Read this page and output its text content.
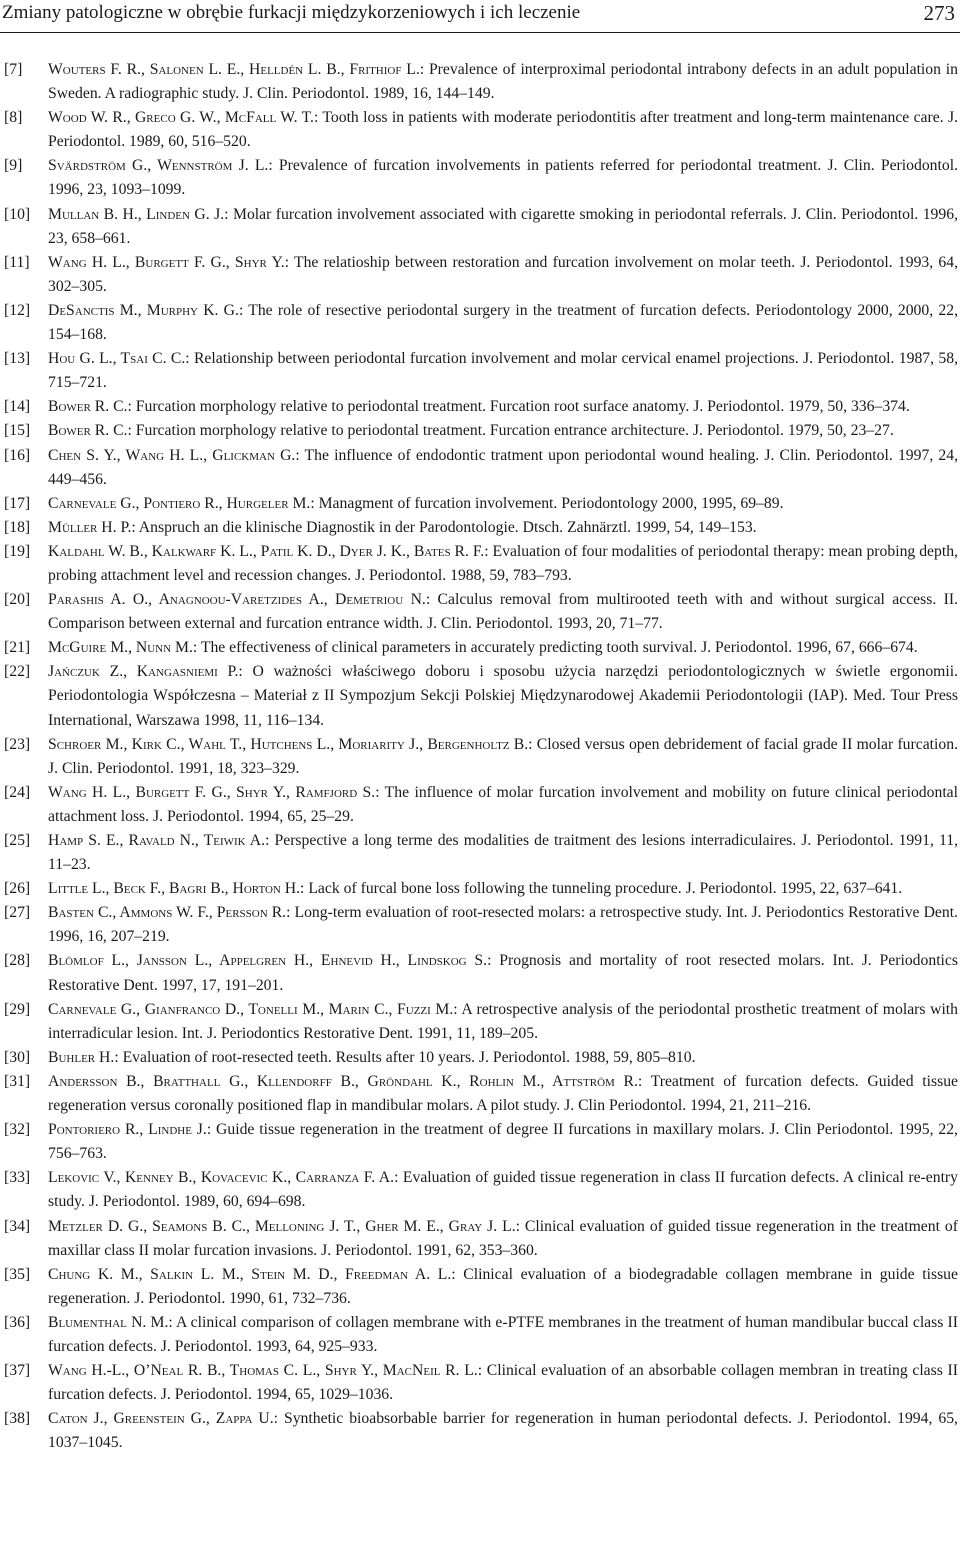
Zmiany patologiczne w obrębie furkacji międzykorzeniowych i ich leczenie	273
[7]	Wouters F. R., Salonen L. E., Helldén L. B., Frithiof L.: Prevalence of interproximal periodontal intrabony defects in an adult population in Sweden. A radiographic study. J. Clin. Periodontol. 1989, 16, 144–149.
[8]	Wood W. R., Greco G. W., McFall W. T.: Tooth loss in patients with moderate periodontitis after treatment and long-term maintenance care. J. Periodontol. 1989, 60, 516–520.
[9]	Svärdström G., Wennström J. L.: Prevalence of furcation involvements in patients referred for periodontal treatment. J. Clin. Periodontol. 1996, 23, 1093–1099.
[10]	Mullan B. H., Linden G. J.: Molar furcation involvement associated with cigarette smoking in periodontal referrals. J. Clin. Periodontol. 1996, 23, 658–661.
[11]	Wang H. L., Burgett F. G., Shyr Y.: The relatioship between restoration and furcation involvement on molar teeth. J. Periodontol. 1993, 64, 302–305.
[12]	DeSanctis M., Murphy K. G.: The role of resective periodontal surgery in the treatment of furcation defects. Periodontology 2000, 2000, 22, 154–168.
[13]	Hou G. L., Tsai C. C.: Relationship between periodontal furcation involvement and molar cervical enamel projections. J. Periodontol. 1987, 58, 715–721.
[14]	Bower R. C.: Furcation morphology relative to periodontal treatment. Furcation root surface anatomy. J. Periodontol. 1979, 50, 336–374.
[15]	Bower R. C.: Furcation morphology relative to periodontal treatment. Furcation entrance architecture. J. Periodontol. 1979, 50, 23–27.
[16]	Chen S. Y., Wang H. L., Glickman G.: The influence of endodontic tratment upon periodontal wound healing. J. Clin. Periodontol. 1997, 24, 449–456.
[17]	Carnevale G., Pontiero R., Hurgeler M.: Managment of furcation involvement. Periodontology 2000, 1995, 69–89.
[18]	Müller H. P.: Anspruch an die klinische Diagnostik in der Parodontologie. Dtsch. Zahnärztl. 1999, 54, 149–153.
[19]	Kaldahl W. B., Kalkwarf K. L., Patil K. D., Dyer J. K., Bates R. F.: Evaluation of four modalities of periodontal therapy: mean probing depth, probing attachment level and recession changes. J. Periodontol. 1988, 59, 783–793.
[20]	Parashis A. O., Anagnoou-Varetzides A., Demetriou N.: Calculus removal from multirooted teeth with and without surgical access. II. Comparison between external and furcation entrance width. J. Clin. Periodontol. 1993, 20, 71–77.
[21]	McGuire M., Nunn M.: The effectiveness of clinical parameters in accurately predicting tooth survival. J. Periodontol. 1996, 67, 666–674.
[22]	Jańczuk Z., Kangasniemi P.: O ważności właściwego doboru i sposobu użycia narzędzi periodontologicznych w świetle ergonomii. Periodontologia Współczesna – Materiał z II Sympozjum Sekcji Polskiej Międzynarodowej Akademii Periodontologii (IAP). Med. Tour Press International, Warszawa 1998, 11, 116–134.
[23]	Schroer M., Kirk C., Wahl T., Hutchens L., Moriarity J., Bergenholtz B.: Closed versus open debridement of facial grade II molar furcation. J. Clin. Periodontol. 1991, 18, 323–329.
[24]	Wang H. L., Burgett F. G., Shyr Y., Ramfjord S.: The influence of molar furcation involvement and mobility on future clinical periodontal attachment loss. J. Periodontol. 1994, 65, 25–29.
[25]	Hamp S. E., Ravald N., Teiwik A.: Perspective a long terme des modalities de traitment des lesions interradiculaires. J. Periodontol. 1991, 11, 11–23.
[26]	Little L., Beck F., Bagri B., Horton H.: Lack of furcal bone loss following the tunneling procedure. J. Periodontol. 1995, 22, 637–641.
[27]	Basten C., Ammons W. F., Persson R.: Long-term evaluation of root-resected molars: a retrospective study. Int. J. Periodontics Restorative Dent. 1996, 16, 207–219.
[28]	Blömlof L., Jansson L., Appelgren H., Ehnevid H., Lindskog S.: Prognosis and mortality of root resected molars. Int. J. Periodontics Restorative Dent. 1997, 17, 191–201.
[29]	Carnevale G., Gianfranco D., Tonelli M., Marin C., Fuzzi M.: A retrospective analysis of the periodontal prosthetic treatment of molars with interradicular lesion. Int. J. Periodontics Restorative Dent. 1991, 11, 189–205.
[30]	Buhler H.: Evaluation of root-resected teeth. Results after 10 years. J. Periodontol. 1988, 59, 805–810.
[31]	Andersson B., Bratthall G., Kllendorff B., Gröndahl K., Rohlin M., Attström R.: Treatment of furcation defects. Guided tissue regeneration versus coronally positioned flap in mandibular molars. A pilot study. J. Clin Periodontol. 1994, 21, 211–216.
[32]	Pontoriero R., Lindhe J.: Guide tissue regeneration in the treatment of degree II furcations in maxillary molars. J. Clin Periodontol. 1995, 22, 756–763.
[33]	Lekovic V., Kenney B., Kovacevic K., Carranza F. A.: Evaluation of guided tissue regeneration in class II furcation defects. A clinical re-entry study. J. Periodontol. 1989, 60, 694–698.
[34]	Metzler D. G., Seamons B. C., Melloning J. T., Gher M. E., Gray J. L.: Clinical evaluation of guided tissue regeneration in the treatment of maxillar class II molar furcation invasions. J. Periodontol. 1991, 62, 353–360.
[35]	Chung K. M., Salkin L. M., Stein M. D., Freedman A. L.: Clinical evaluation of a biodegradable collagen membrane in guide tissue regeneration. J. Periodontol. 1990, 61, 732–736.
[36]	Blumenthal N. M.: A clinical comparison of collagen membrane with e-PTFE membranes in the treatment of human mandibular buccal class II furcation defects. J. Periodontol. 1993, 64, 925–933.
[37]	Wang H.-L., O’Neal R. B., Thomas C. L., Shyr Y., MacNeil R. L.: Clinical evaluation of an absorbable collagen membran in treating class II furcation defects. J. Periodontol. 1994, 65, 1029–1036.
[38]	Caton J., Greenstein G., Zappa U.: Synthetic bioabsorbable barrier for regeneration in human periodontal defects. J. Periodontol. 1994, 65, 1037–1045.
